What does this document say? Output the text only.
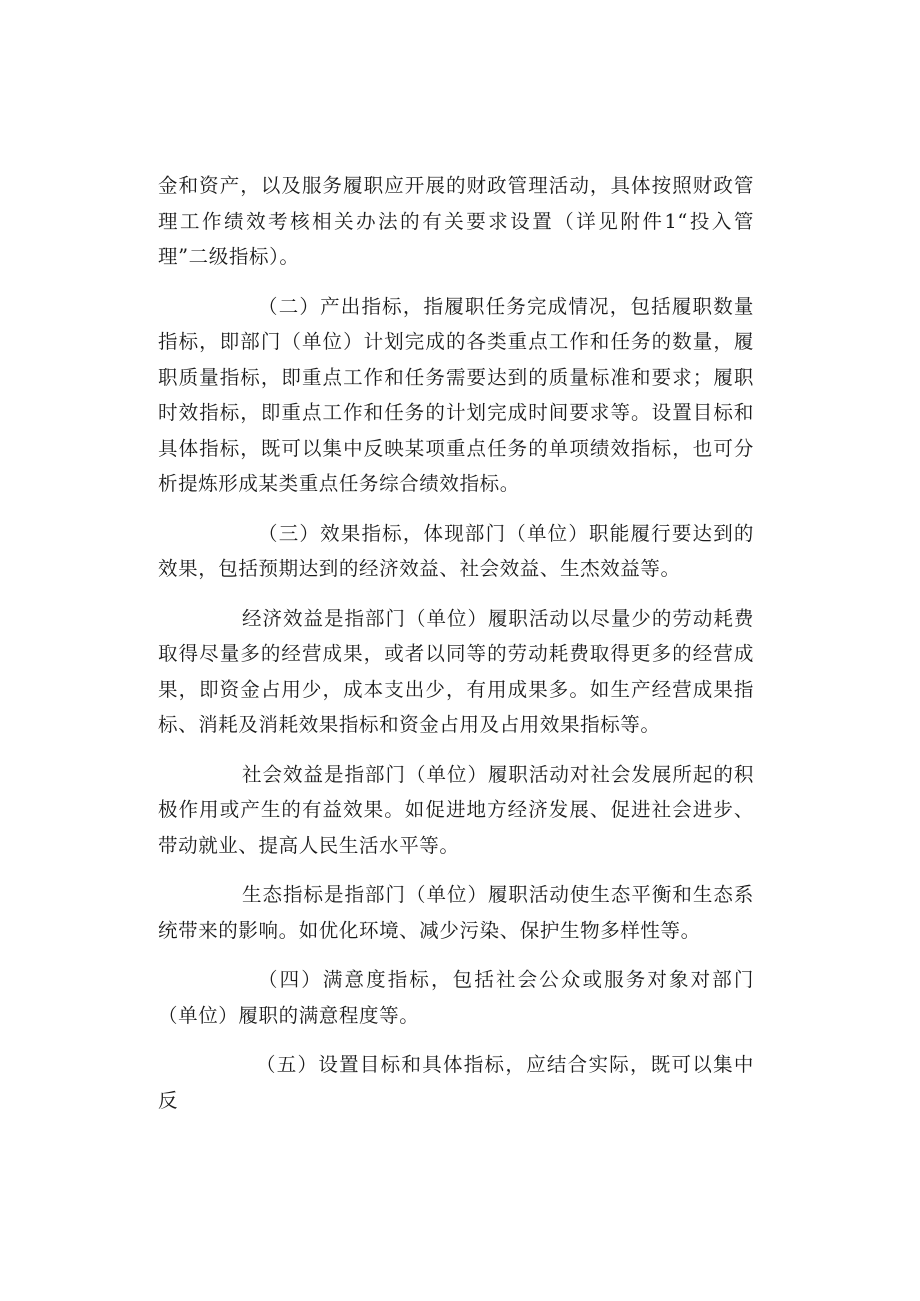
金和资产，以及服务履职应开展的财政管理活动，具体按照财政管理工作绩效考核相关办法的有关要求设置（详见附件1“投入管理”二级指标）。

（二）产出指标，指履职任务完成情况，包括履职数量指标，即部门（单位）计划完成的各类重点工作和任务的数量，履职质量指标，即重点工作和任务需要达到的质量标准和要求；履职时效指标，即重点工作和任务的计划完成时间要求等。设置目标和具体指标，既可以集中反映某项重点任务的单项绩效指标，也可分析提炼形成某类重点任务综合绩效指标。

（三）效果指标，体现部门（单位）职能履行要达到的效果，包括预期达到的经济效益、社会效益、生杰效益等。

经济效益是指部门（单位）履职活动以尽量少的劳动耗费取得尽量多的经营成果，或者以同等的劳动耗费取得更多的经营成果，即资金占用少，成本支出少，有用成果多。如生产经营成果指标、消耗及消耗效果指标和资金占用及占用效果指标等。

社会效益是指部门（单位）履职活动对社会发展所起的积极作用或产生的有益效果。如促进地方经济发展、促进社会进步、带动就业、提高人民生活水平等。

生态指标是指部门（单位）履职活动使生态平衡和生态系统带来的影响。如优化环境、减少污染、保护生物多样性等。

（四）满意度指标，包括社会公众或服务对象对部门（单位）履职的满意程度等。

（五）设置目标和具体指标，应结合实际，既可以集中反
